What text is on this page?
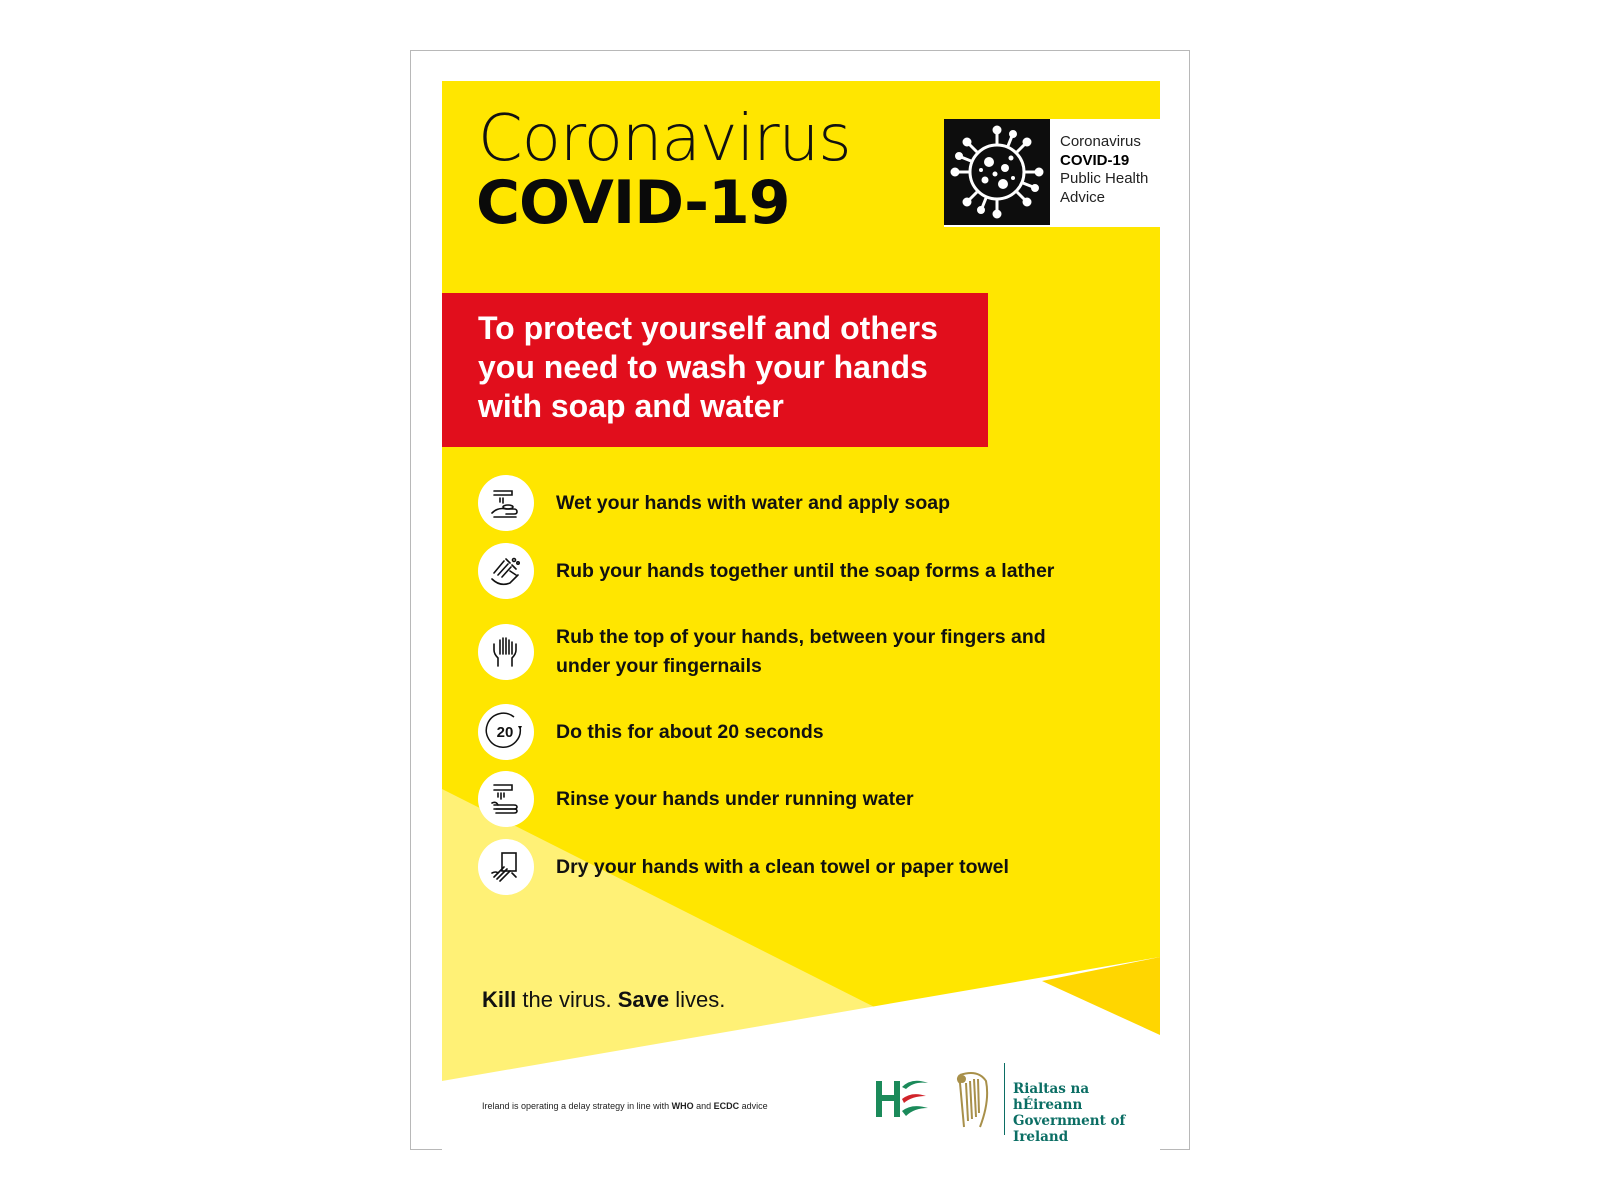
Coronavirus
COVID-19
Coronavirus
COVID-19
Public Health
Advice
To protect yourself and others you need to wash your hands with soap and water
Wet your hands with water and apply soap
Rub your hands together until the soap forms a lather
Rub the top of your hands, between your fingers and under your fingernails
20 Do this for about 20 seconds
Rinse your hands under running water
Dry your hands with a clean towel or paper towel
Kill the virus. Save lives.
Ireland is operating a delay strategy in line with WHO and ECDC advice
Rialtas na hÉireann
Government of Ireland
